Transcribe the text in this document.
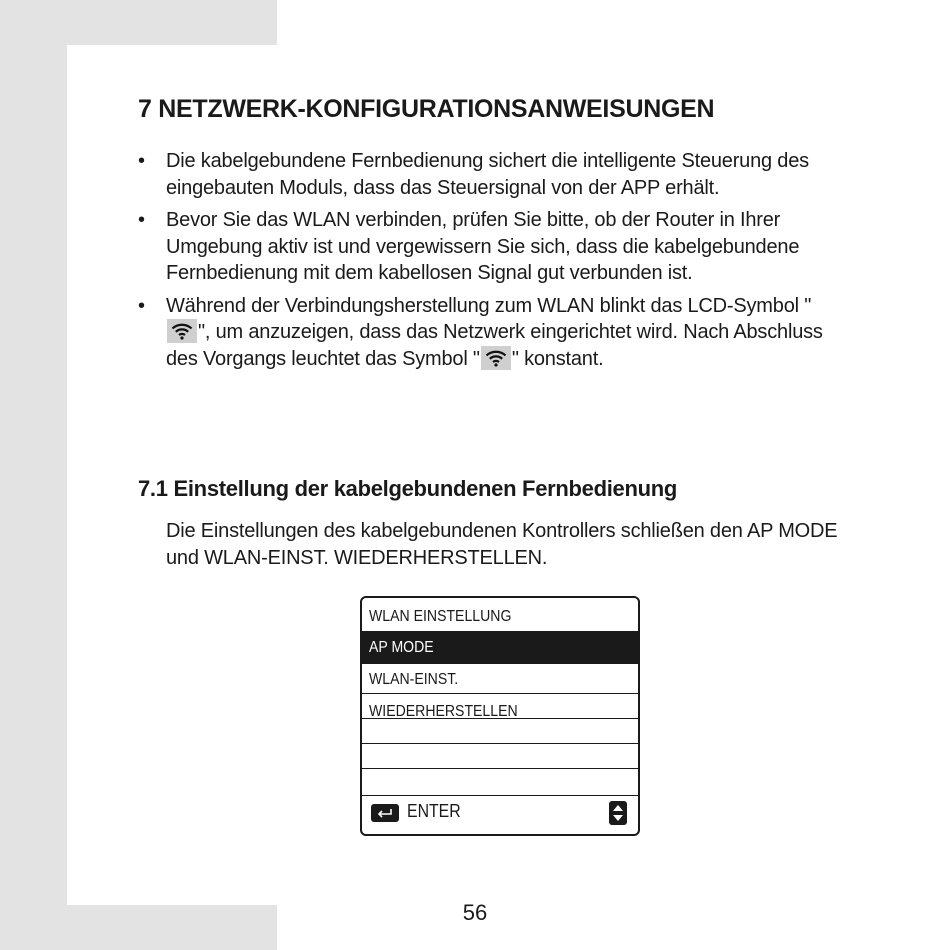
7 NETZWERK-KONFIGURATIONSANWEISUNGEN
• Die kabelgebundene Fernbedienung sichert die intelligente Steuerung des eingebauten Moduls, dass das Steuersignal von der APP erhält.
• Bevor Sie das WLAN verbinden, prüfen Sie bitte, ob der Router in Ihrer Umgebung aktiv ist und vergewissern Sie sich, dass die kabelgebundene Fernbedienung mit dem kabellosen Signal gut verbunden ist.
• Während der Verbindungsherstellung zum WLAN blinkt das LCD-Symbol "
", um anzuzeigen, dass das Netzwerk eingerichtet wird. Nach Abschluss des Vorgangs leuchtet das Symbol " " konstant.
7.1 Einstellung der kabelgebundenen Fernbedienung

Die Einstellungen des kabelgebundenen Kontrollers schließen den AP MODE und WLAN-EINST. WIEDERHERSTELLEN.

WLAN EINSTELLUNG
AP MODE
WLAN-EINST. WIEDERHERSTELLEN
ENTER

56
